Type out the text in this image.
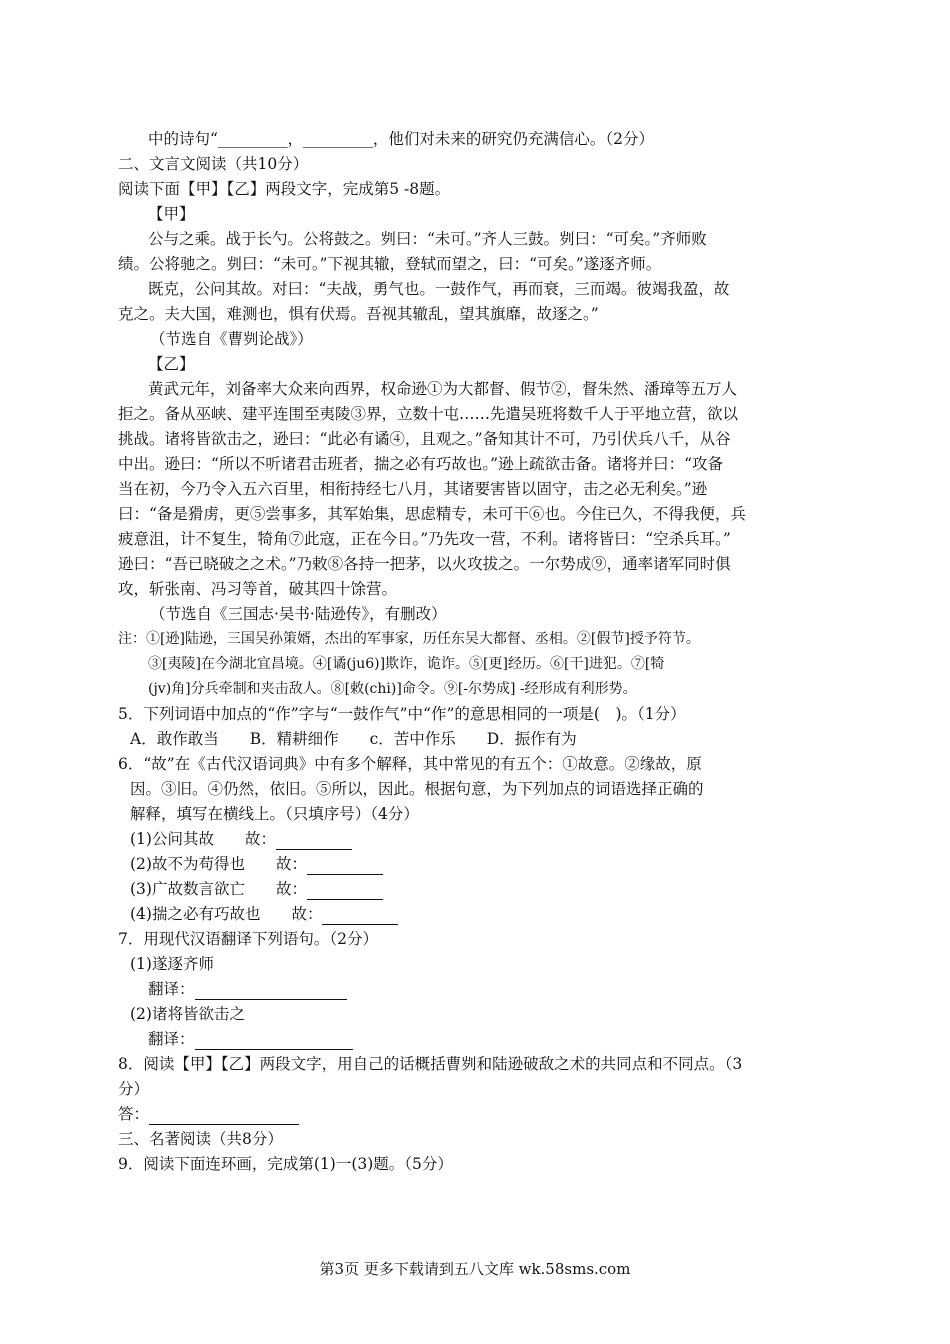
中的诗句“_________，_________，他们对未来的研究仍充满信心。（2分）
二、文言文阅读（共10分）
阅读下面【甲】【乙】两段文字，完成第5 -8题。
【甲】
公与之乘。战于长勺。公将鼓之。刿曰：“未可。”齐人三鼓。刿曰：“可矣。”齐师败
绩。公将驰之。刿曰：“未可。”下视其辙，登轼而望之，曰：“可矣。”遂逐齐师。
既克，公问其故。对曰：“夫战，勇气也。一鼓作气，再而衰，三而竭。彼竭我盈，故
克之。夫大国，难测也，惧有伏焉。吾视其辙乱，望其旗靡，故逐之。”
（节选自《曹刿论战》）
【乙】
黄武元年，刘备率大众来向西界，权命逊①为大都督、假节②，督朱然、潘璋等五万人
拒之。备从巫峡、建平连围至夷陵③界，立数十屯……先遣吴班将数千人于平地立营，欲以
挑战。诸将皆欲击之，逊曰：“此必有谲④，且观之。”备知其计不可，乃引伏兵八千，从谷
中出。逊曰：“所以不听诸君击班者，揣之必有巧故也。”逊上疏欲击备。诸将并曰：“攻备
当在初，今乃令入五六百里，相衔持经七八月，其诸要害皆以固守，击之必无利矣。”逊
曰：“备是猾虏，更⑤尝事多，其军始集，思虑精专，未可干⑥也。今住已久，不得我便，兵
疲意沮，计不复生，犄角⑦此寇，正在今日。”乃先攻一营，不利。诸将皆曰：“空杀兵耳。”
逊曰：“吾已晓破之之术。”乃敕⑧各持一把茅，以火攻拔之。一尔势成⑨，通率诸军同时俱
攻，斩张南、冯习等首，破其四十馀营。
（节选自《三国志·吴书·陆逊传》，有删改）
注：①[逊]陆逊，三国吴孙策婿，杰出的军事家，历任东吴大都督、丞相。②[假节]授予符节。
③[夷陵]在今湖北宜昌境。④[谲(ju6)]欺诈，诡诈。⑤[更]经历。⑥[干]进犯。⑦[犄
(jv)角]分兵牵制和夹击敌人。⑧[敕(chi)]命令。⑨[-尔势成] -经形成有利形势。
5．下列词语中加点的“作”字与“一鼓作气”中“作”的意思相同的一项是(　)。（1分）
A．敢作敢当　　B．精耕细作　　c．苦中作乐　　D．振作有为
6．“故”在《古代汉语词典》中有多个解释，其中常见的有五个：①故意。②缘故，原
因。③旧。④仍然，依旧。⑤所以，因此。根据句意，为下列加点的词语选择正确的
解释，填写在横线上。（只填序号）（4分）
(1)公问其故　　故：
(2)故不为苟得也　　故：
(3)广故数言欲亡　　故：
(4)揣之必有巧故也　　故：
7．用现代汉语翻译下列语句。（2分）
(1)遂逐齐师
翻译：
(2)诸将皆欲击之
翻译：
8．阅读【甲】【乙】两段文字，用自己的话概括曹刿和陆逊破敌之术的共同点和不同点。（3
分）
答：
三、名著阅读（共8分）
9．阅读下面连环画，完成第(1)一(3)题。（5分）
第3页 更多下载请到五八文库 wk.58sms.com
